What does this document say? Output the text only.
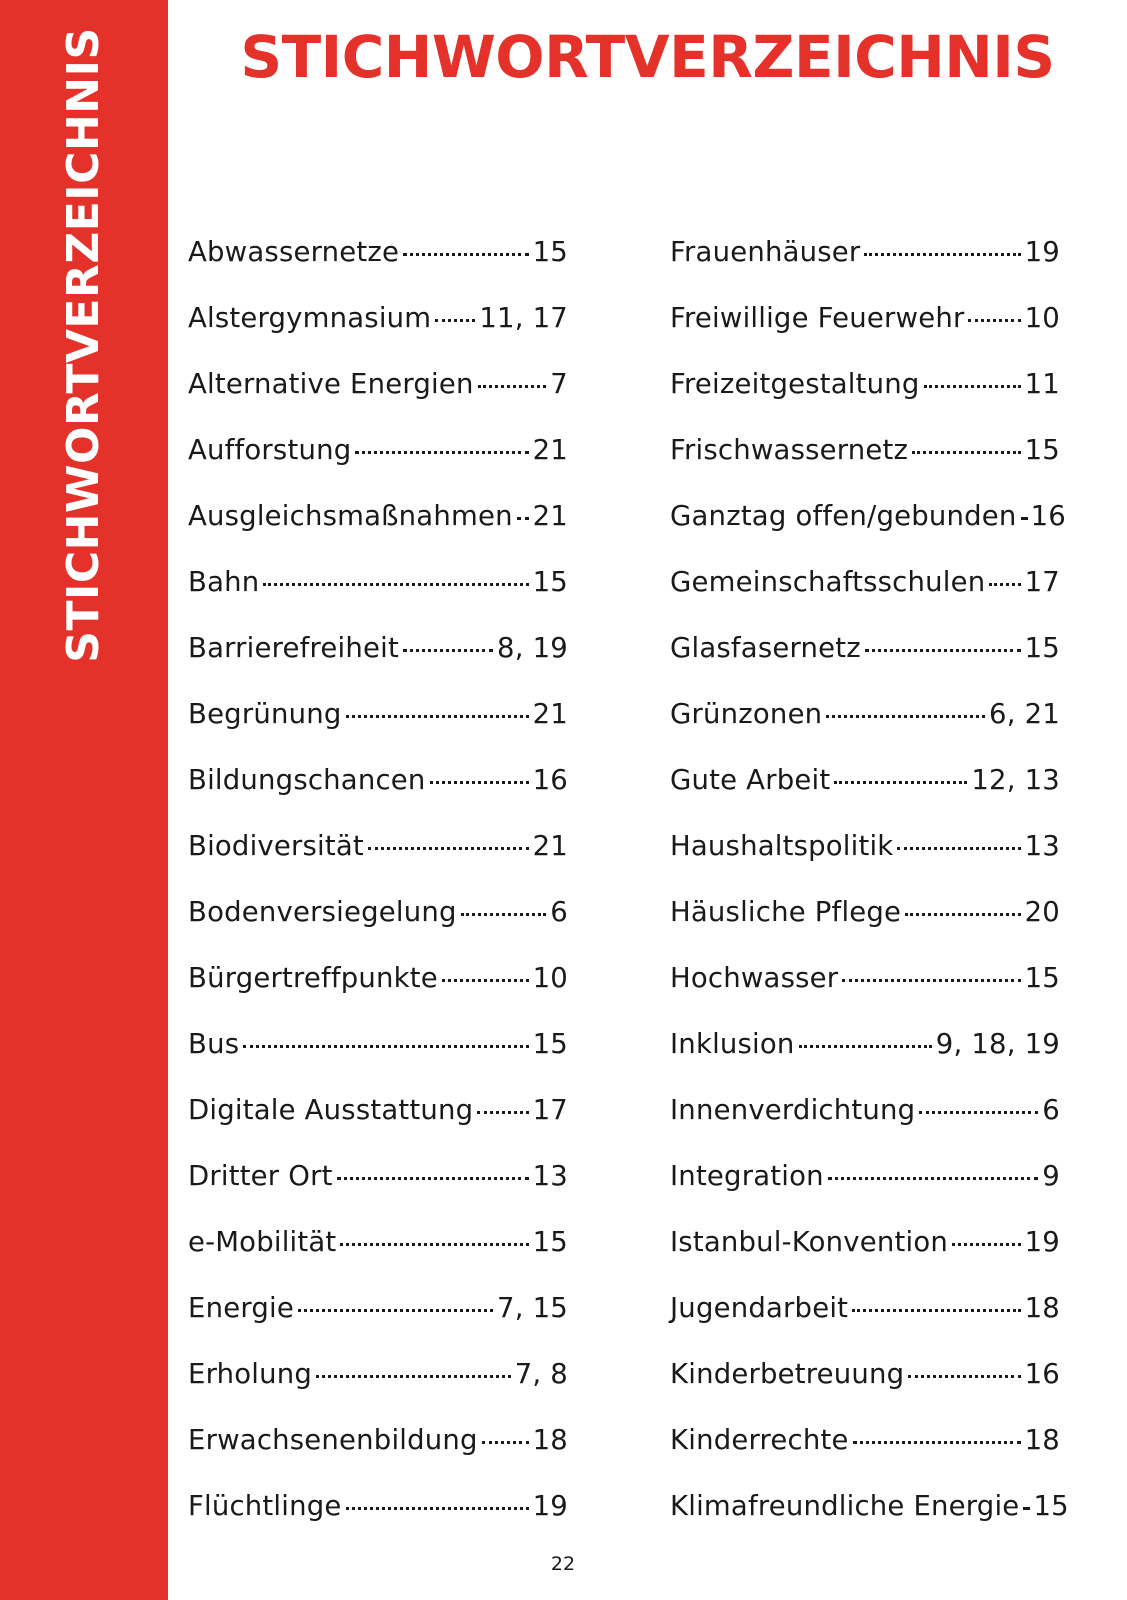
STICHWORTVERZEICHNIS	STICHWORTVERZEICHNIS
Abwassernetze	15
Alstergymnasium 11, 17
Alternative Energien	7
Aufforstung	21
Ausgleichsmaßnahmen 21
Bahn	15
Barrierefreiheit	8, 19
Begrünung	21
Bildungschancen	16
Biodiversität	21
Bodenversiegelung	6
Bürgertreffpunkte	10
Bus	15
Digitale Ausstattung 17
Dritter Ort	13
e-Mobilität	15
Energie	7, 15
Erholung	7, 8
Erwachsenenbildung 18
Flüchtlinge	19
Frauenhäuser	19
Freiwillige Feuerwehr 10
Freizeitgestaltung	11
Frischwassernetz	15
Ganztag offen/gebunden 16
Gemeinschaftsschulen 17
Glasfasernetz	15
Grünzonen	6, 21
Gute Arbeit	12, 13
Haushaltspolitik	13
Häusliche Pflege	20
Hochwasser	15
Inklusion	9, 18, 19
Innenverdichtung	6
Integration	9
Istanbul-Konvention	19
Jugendarbeit	18
Kinderbetreuung	16
Kinderrechte	18
Klimafreundliche Energie 15
22
